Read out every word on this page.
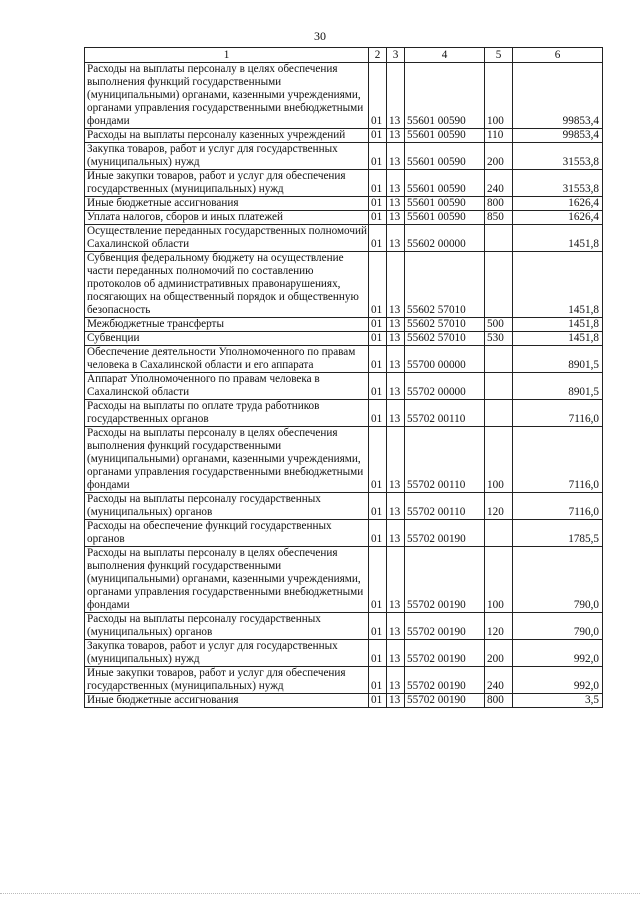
30
1	2	3	4	5	6
Расходы на выплаты персоналу в целях обеспечения выполнения функций государственными (муниципальными) органами, казенными учреждениями, органами управления государственными внебюджетными фондами	01	13	55601 00590	100	99853,4
Расходы на выплаты персоналу казенных учреждений	01	13	55601 00590	110	99853,4
Закупка товаров, работ и услуг для государственных (муниципальных) нужд	01	13	55601 00590	200	31553,8
Иные закупки товаров, работ и услуг для обеспечения государственных (муниципальных) нужд	01	13	55601 00590	240	31553,8
Иные бюджетные ассигнования	01	13	55601 00590	800	1626,4
Уплата налогов, сборов и иных платежей	01	13	55601 00590	850	1626,4
Осуществление переданных государственных полномочий Сахалинской области	01	13	55602 00000		1451,8
Субвенция федеральному бюджету на осуществление части переданных полномочий по составлению протоколов об административных правонарушениях, посягающих на общественный порядок и общественную безопасность	01	13	55602 57010		1451,8
Межбюджетные трансферты	01	13	55602 57010	500	1451,8
Субвенции	01	13	55602 57010	530	1451,8
Обеспечение деятельности Уполномоченного по правам человека в Сахалинской области и его аппарата	01	13	55700 00000		8901,5
Аппарат Уполномоченного по правам человека в Сахалинской области	01	13	55702 00000		8901,5
Расходы на выплаты по оплате труда работников государственных органов	01	13	55702 00110		7116,0
Расходы на выплаты персоналу в целях обеспечения выполнения функций государственными (муниципальными) органами, казенными учреждениями, органами управления государственными внебюджетными фондами	01	13	55702 00110	100	7116,0
Расходы на выплаты персоналу государственных (муниципальных) органов	01	13	55702 00110	120	7116,0
Расходы на обеспечение функций государственных органов	01	13	55702 00190		1785,5
Расходы на выплаты персоналу в целях обеспечения выполнения функций государственными (муниципальными) органами, казенными учреждениями, органами управления государственными внебюджетными фондами	01	13	55702 00190	100	790,0
Расходы на выплаты персоналу государственных (муниципальных) органов	01	13	55702 00190	120	790,0
Закупка товаров, работ и услуг для государственных (муниципальных) нужд	01	13	55702 00190	200	992,0
Иные закупки товаров, работ и услуг для обеспечения государственных (муниципальных) нужд	01	13	55702 00190	240	992,0
Иные бюджетные ассигнования	01	13	55702 00190	800	3,5
